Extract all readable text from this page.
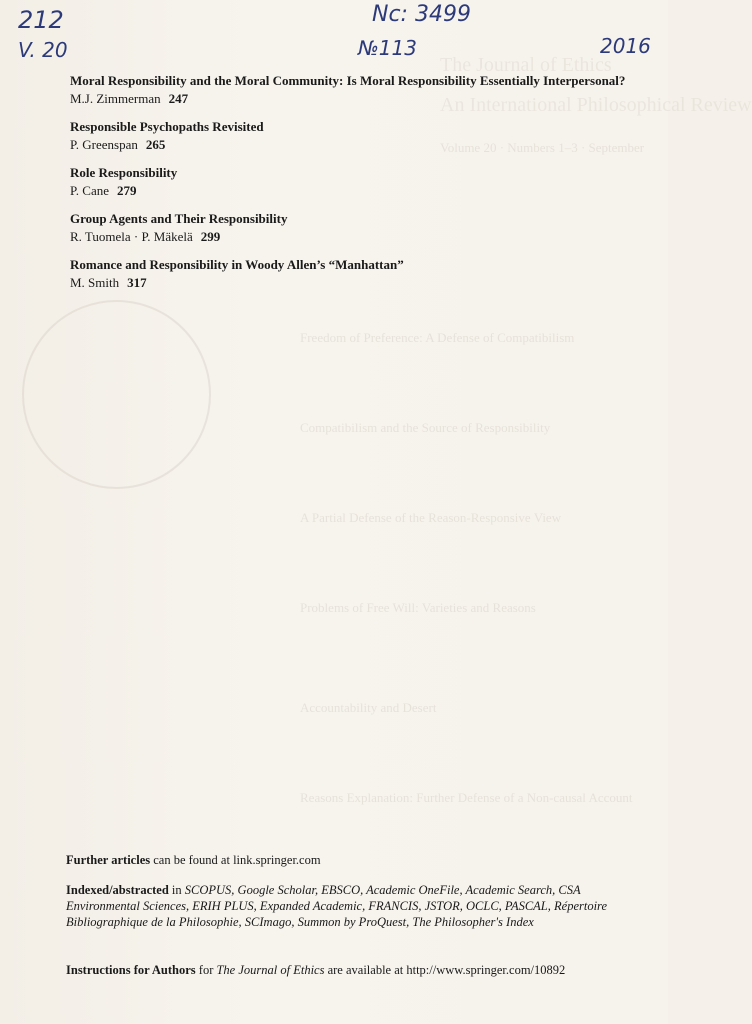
The Journal of Ethics
An International Philosophical Review
Volume 20 · Numbers 1–3 · September
Freedom of Preference: A Defense of Compatibilism
Compatibilism and the Source of Responsibility
A Partial Defense of the Reason-Responsive View
Problems of Free Will: Varieties and Reasons
Accountability and Desert
Reasons Explanation: Further Defense of a Non-causal Account
212
V. 20
Nc: 3499
№113	2016
Moral Responsibility and the Moral Community: Is Moral Responsibility Essentially Interpersonal?
M.J. Zimmerman 247
Responsible Psychopaths Revisited
P. Greenspan 265
Role Responsibility
P. Cane 279
Group Agents and Their Responsibility
R. Tuomela · P. Mäkelä 299
Romance and Responsibility in Woody Allen’s “Manhattan”
M. Smith 317
Further articles can be found at link.springer.com
Indexed/abstracted in SCOPUS, Google Scholar, EBSCO, Academic OneFile, Academic Search, CSA Environmental Sciences, ERIH PLUS, Expanded Academic, FRANCIS, JSTOR, OCLC, PASCAL, Répertoire Bibliographique de la Philosophie, SCImago, Summon by ProQuest, The Philosopher's Index
Instructions for Authors for The Journal of Ethics are available at http://www.springer.com/10892
